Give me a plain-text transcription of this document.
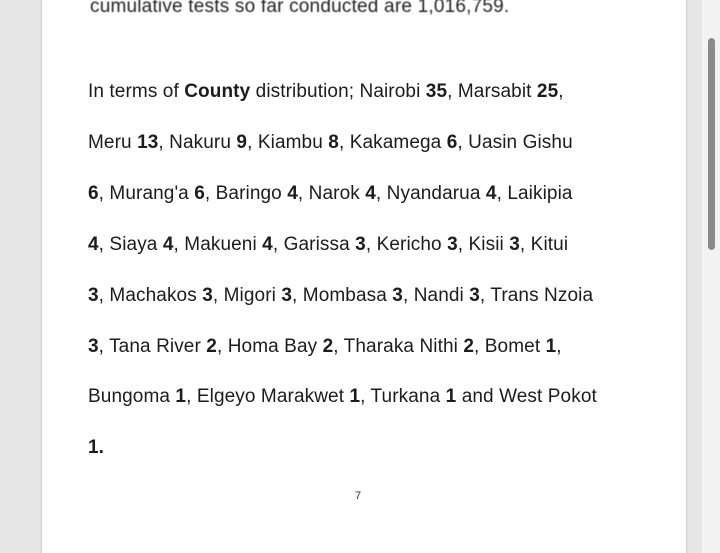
cumulative tests so far conducted are 1,016,759.
In terms of County distribution; Nairobi 35, Marsabit 25,
Meru 13, Nakuru 9, Kiambu 8, Kakamega 6, Uasin Gishu
6, Murang'a 6, Baringo 4, Narok 4, Nyandarua 4, Laikipia
4, Siaya 4, Makueni 4, Garissa 3, Kericho 3, Kisii 3, Kitui
3, Machakos 3, Migori 3, Mombasa 3, Nandi 3, Trans Nzoia
3, Tana River 2, Homa Bay 2, Tharaka Nithi 2, Bomet 1,
Bungoma 1, Elgeyo Marakwet 1, Turkana 1 and West Pokot
1.
7
